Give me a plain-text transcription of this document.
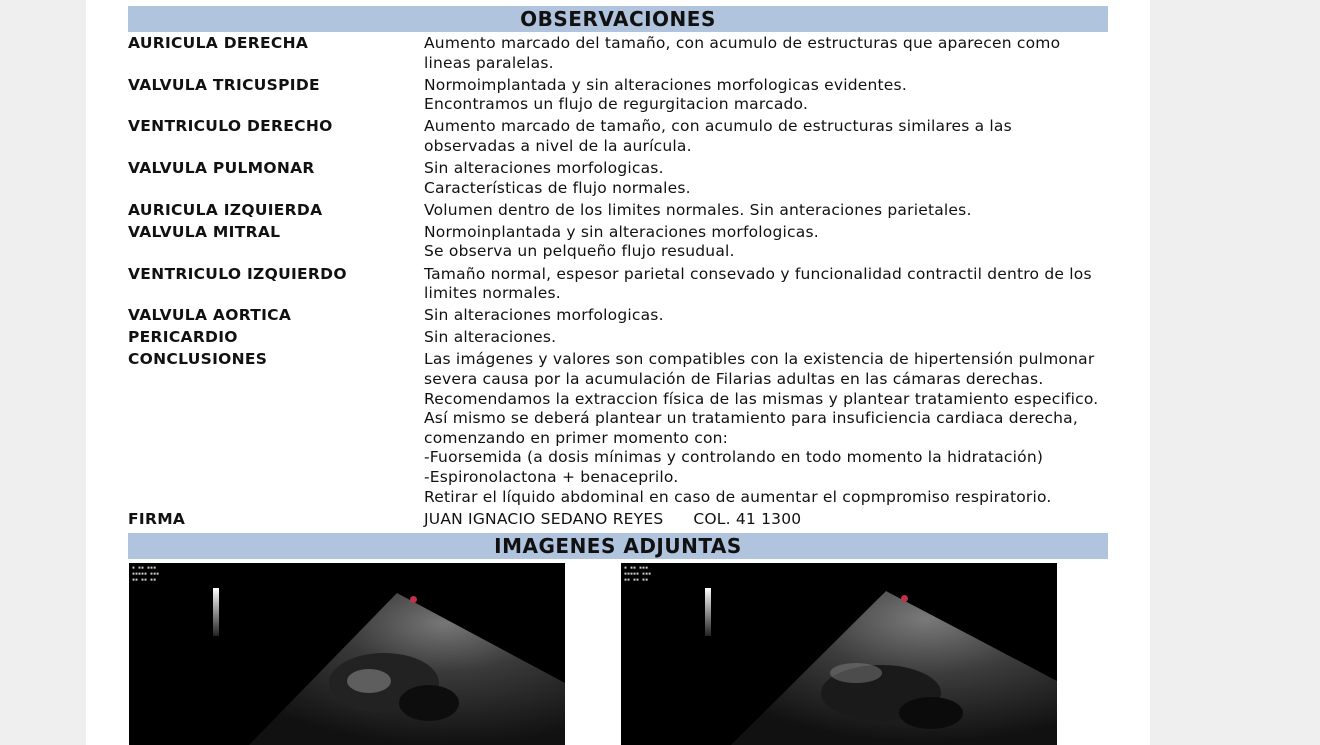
OBSERVACIONES
AURICULA DERECHA	Aumento marcado del tamaño, con acumulo de estructuras que aparecen como
lineas paralelas.
VALVULA TRICUSPIDE	Normoimplantada y sin alteraciones morfologicas evidentes.
Encontramos un flujo de regurgitacion marcado.
VENTRICULO DERECHO	Aumento marcado de tamaño, con acumulo de estructuras similares a las
observadas a nivel de la aurícula.
VALVULA PULMONAR	Sin alteraciones morfologicas.
Características de flujo normales.
AURICULA IZQUIERDA	Volumen dentro de los limites normales. Sin anteraciones parietales.
VALVULA MITRAL	Normoinplantada y sin alteraciones morfologicas.
Se observa un pelqueño flujo resudual.
VENTRICULO IZQUIERDO	Tamaño normal, espesor parietal consevado y funcionalidad contractil dentro de los
limites normales.
VALVULA AORTICA	Sin alteraciones morfologicas.
PERICARDIO	Sin alteraciones.
CONCLUSIONES	Las imágenes y valores son compatibles con la existencia de hipertensión pulmonar
severa causa por la acumulación de Filarias adultas en las cámaras derechas.
Recomendamos la extraccion física de las mismas y plantear tratamiento especifico.
Así mismo se deberá plantear un tratamiento para insuficiencia cardiaca derecha,
comenzando en primer momento con:
-Fuorsemida (a dosis mínimas y controlando en todo momento la hidratación)
-Espironolactona + benaceprilo.
Retirar el líquido abdominal en caso de aumentar el copmpromiso respiratorio.
FIRMA	JUAN IGNACIO SEDANO REYES COL. 41 1300
IMAGENES ADJUNTAS
▪ ▪▪ ▪▪▪
▪▪▪▪▪ ▪▪▪
▪▪ ▪▪ ▪▪
▪ ▪▪ ▪▪▪
▪▪▪▪▪ ▪▪▪
▪▪ ▪▪ ▪▪
